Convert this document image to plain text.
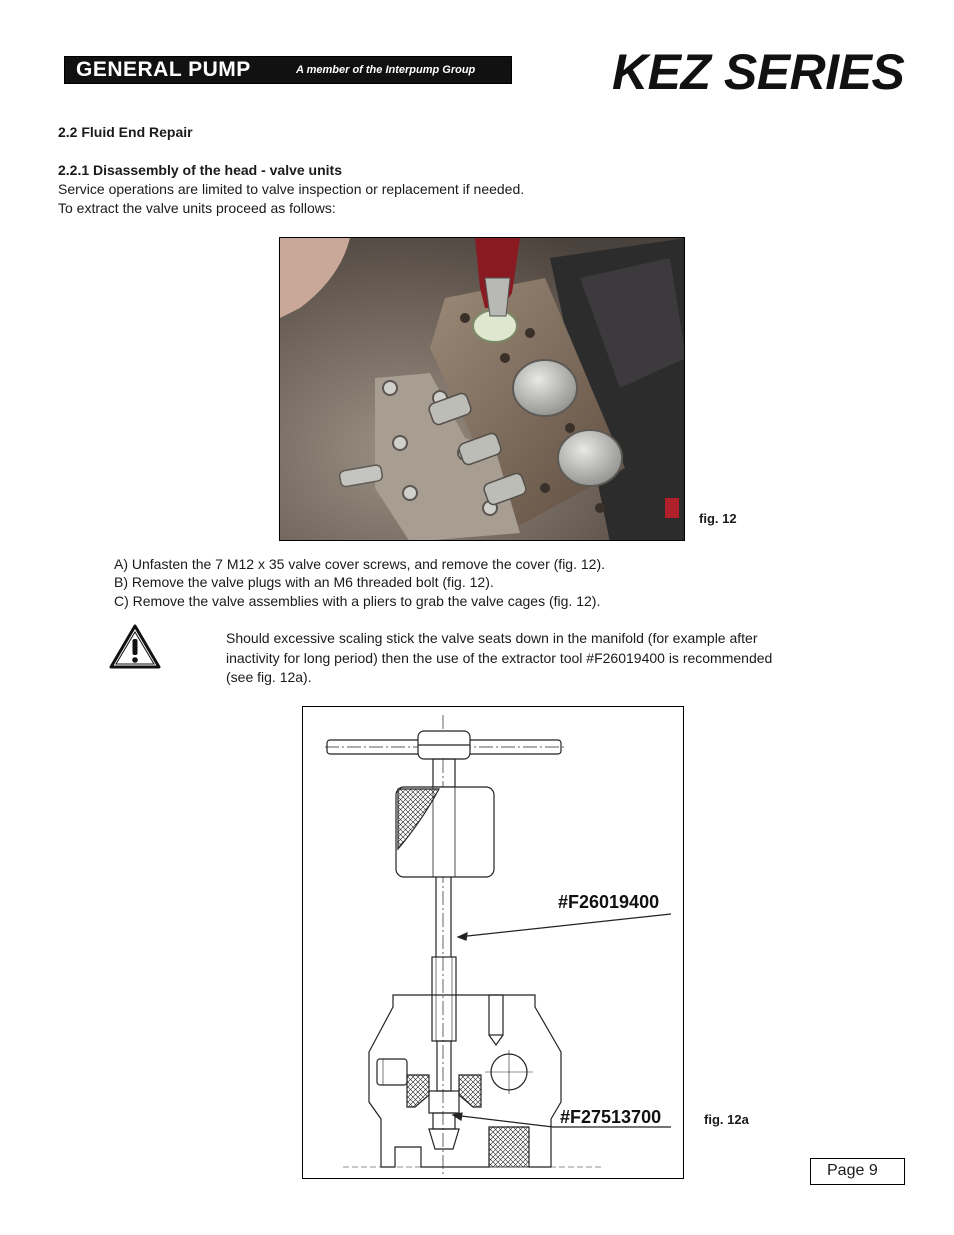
GENERAL PUMP	A member of the Interpump Group	KEZ SERIES
2.2 Fluid End Repair
2.2.1 Disassembly of the head - valve units
Service operations are limited to valve inspection or replacement if needed.
To extract the valve units proceed as follows:
fig. 12
A) Unfasten the 7 M12 x 35 valve cover screws, and remove the cover (fig. 12).
B) Remove the valve plugs with an M6 threaded bolt (fig. 12).
C) Remove the valve assemblies with a pliers to grab the valve cages (fig. 12).
Should excessive scaling stick the valve seats down in the manifold (for example after
inactivity for long period) then the use of the extractor tool #F26019400 is recommended
(see fig. 12a).
#F26019400
#F27513700	fig. 12a
Page 9
